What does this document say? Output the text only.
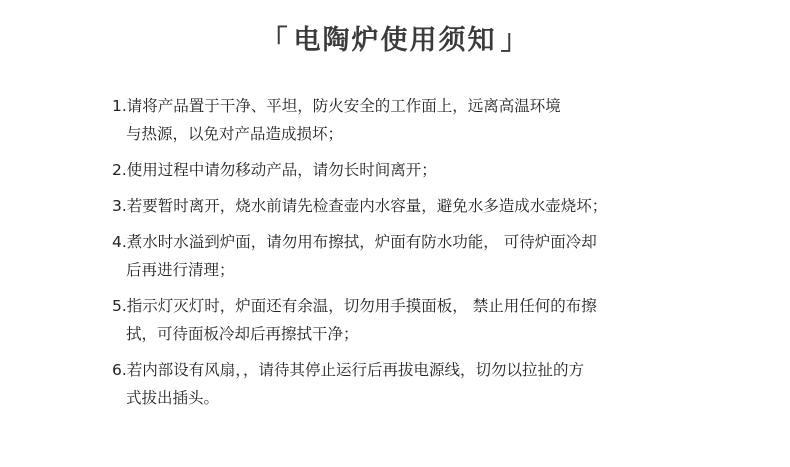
「 电陶炉使用须知 」
1.请将产品置于干净、平坦，防火安全的工作面上，远离高温环境
与热源，以免对产品造成损坏；
2.使用过程中请勿移动产品，请勿长时间离开；
3.若要暂时离开，烧水前请先检查壶内水容量，避免水多造成水壶烧坏；
4.煮水时水溢到炉面，请勿用布擦拭，炉面有防水功能， 可待炉面冷却
后再进行清理；
5.指示灯灭灯时，炉面还有余温，切勿用手摸面板， 禁止用任何的布擦
拭，可待面板冷却后再擦拭干净；
6.若内部设有风扇，，请待其停止运行后再拔电源线，切勿以拉扯的方
式拔出插头。
